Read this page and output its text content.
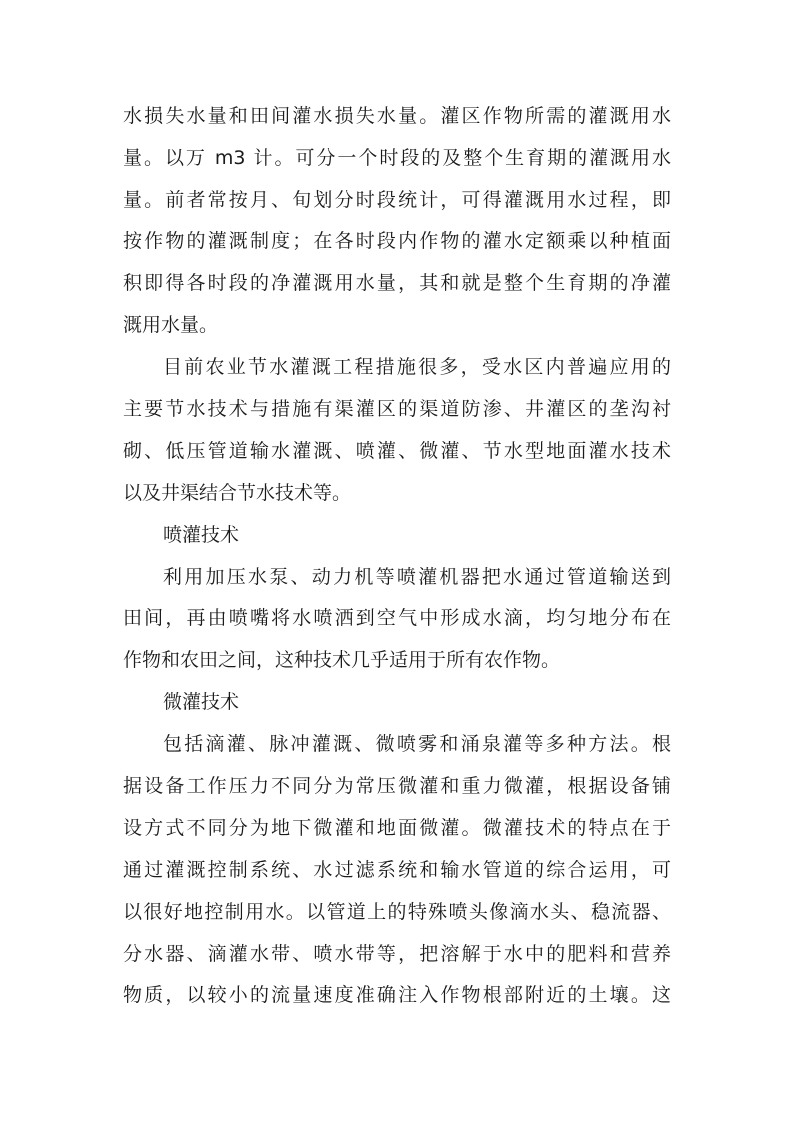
水损失水量和田间灌水损失水量。灌区作物所需的灌溉用水
量。以万 m3 计。可分一个时段的及整个生育期的灌溉用水
量。前者常按月、旬划分时段统计，可得灌溉用水过程，即
按作物的灌溉制度；在各时段内作物的灌水定额乘以种植面
积即得各时段的净灌溉用水量，其和就是整个生育期的净灌
溉用水量。
目前农业节水灌溉工程措施很多，受水区内普遍应用的
主要节水技术与措施有渠灌区的渠道防渗、井灌区的垄沟衬
砌、低压管道输水灌溉、喷灌、微灌、节水型地面灌水技术
以及井渠结合节水技术等。
喷灌技术
利用加压水泵、动力机等喷灌机器把水通过管道输送到
田间，再由喷嘴将水喷洒到空气中形成水滴，均匀地分布在
作物和农田之间，这种技术几乎适用于所有农作物。
微灌技术
包括滴灌、脉冲灌溉、微喷雾和涌泉灌等多种方法。根
据设备工作压力不同分为常压微灌和重力微灌，根据设备铺
设方式不同分为地下微灌和地面微灌。微灌技术的特点在于
通过灌溉控制系统、水过滤系统和输水管道的综合运用，可
以很好地控制用水。以管道上的特殊喷头像滴水头、稳流器、
分水器、滴灌水带、喷水带等，把溶解于水中的肥料和营养
物质，以较小的流量速度准确注入作物根部附近的土壤。这
